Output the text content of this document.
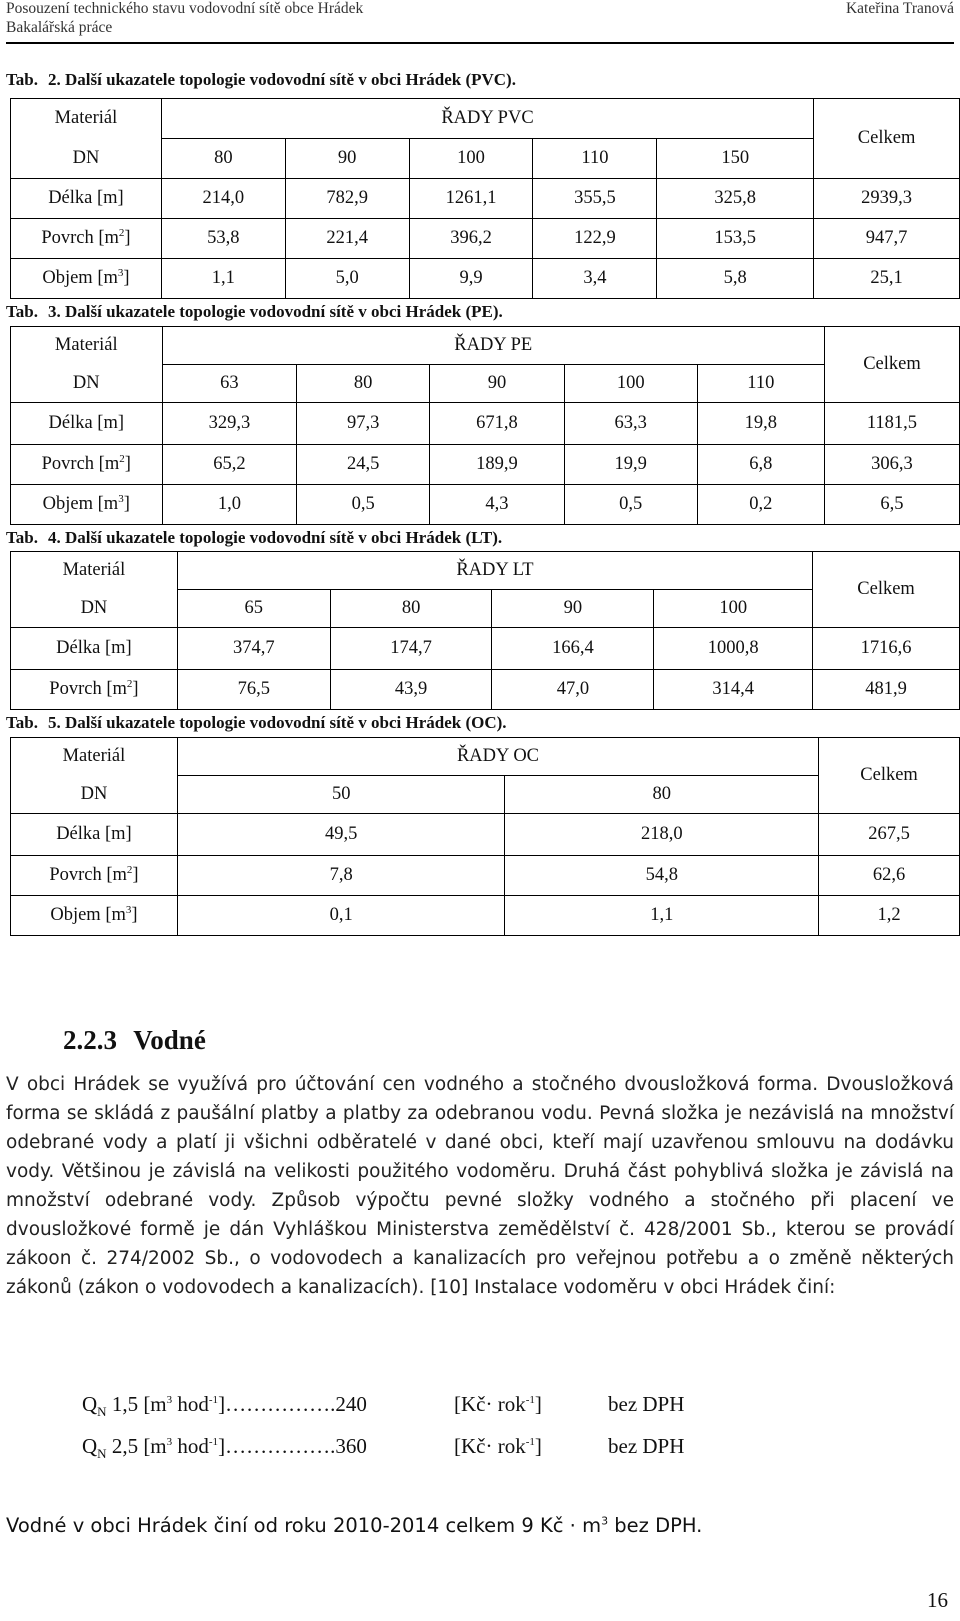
Posouzení technického stavu vodovodní sítě obce Hrádek
Bakalářská práce
Kateřina Tranová
Tab. 2. Další ukazatele topologie vodovodní sítě v obci Hrádek (PVC).
Materiál	ŘADY PVC					Celkem
DN	80	90	100	110	150	
Délka [m]	214,0	782,9	1261,1	355,5	325,8	2939,3
Povrch $[m^2]$	53,8	221,4	396,2	122,9	153,5	947,7
Objem $[m^3]$	1,1	5,0	9,9	3,4	5,8	25,1
Tab. 3. Další ukazatele topologie vodovodní sítě v obci Hrádek (PE).
Materiál	ŘADY PE					Celkem
DN	63	80	90	100	110	
Délka [m]	329,3	97,3	671,8	63,3	19,8	1181,5
Povrch $[m^2]$	65,2	24,5	189,9	19,9	6,8	306,3
Objem $[m^3]$	1,0	0,5	4,3	0,5	0,2	6,5
Tab. 4. Další ukazatele topologie vodovodní sítě v obci Hrádek (LT).
Materiál	ŘADY LT				Celkem
DN	65	80	90	100	
Délka [m]	374,7	174,7	166,4	1000,8	1716,6
Povrch $[m^2]$	76,5	43,9	47,0	314,4	481,9
Tab. 5. Další ukazatele topologie vodovodní sítě v obci Hrádek (OC).
Materiál	ŘADY OC		Celkem
DN	50	80	
Délka [m]	49,5	218,0	267,5
Povrch $[m^2]$	7,8	54,8	62,6
Objem $[m^3]$	0,1	1,1	1,2
2.2.3 Vodné

V obci Hrádek se využívá pro účtování cen vodného a stočného dvousložková forma. Dvousložková forma se skládá z paušální platby a platby za odebranou vodu. Pevná složka je nezávislá na množství odebrané vody a platí ji všichni odběratelé v dané obci, kteří mají uzavřenou smlouvu na dodávku vody. Většinou je závislá na velikosti použitého vodoměru. Druhá část pohyblivá složka je závislá na množství odebrané vody. Způsob výpočtu pevné složky vodného a stočného při placení ve dvousložkové formě je dán Vyhláškou Ministerstva zemědělství č. 428/2001 Sb., kterou se provádí zákoon č. 274/2002 Sb., o vodovodech a kanalizacích pro veřejnou potřebu a o změně některých zákonů (zákon o vodovodech a kanalizacích). [10] Instalace vodoměru v obci Hrádek činí:

$Q_N$ 1,5 [$m^3$ hod$^{-1}$]…………….240	[Kč· rok$^{-1}$]	bez DPH
$Q_N$ 2,5 [$m^3$ hod$^{-1}$]…………….360	[Kč· rok$^{-1}$]	bez DPH
Vodné v obci Hrádek činí od roku 2010-2014 celkem 9 Kč · $m^3$ bez DPH.
16
